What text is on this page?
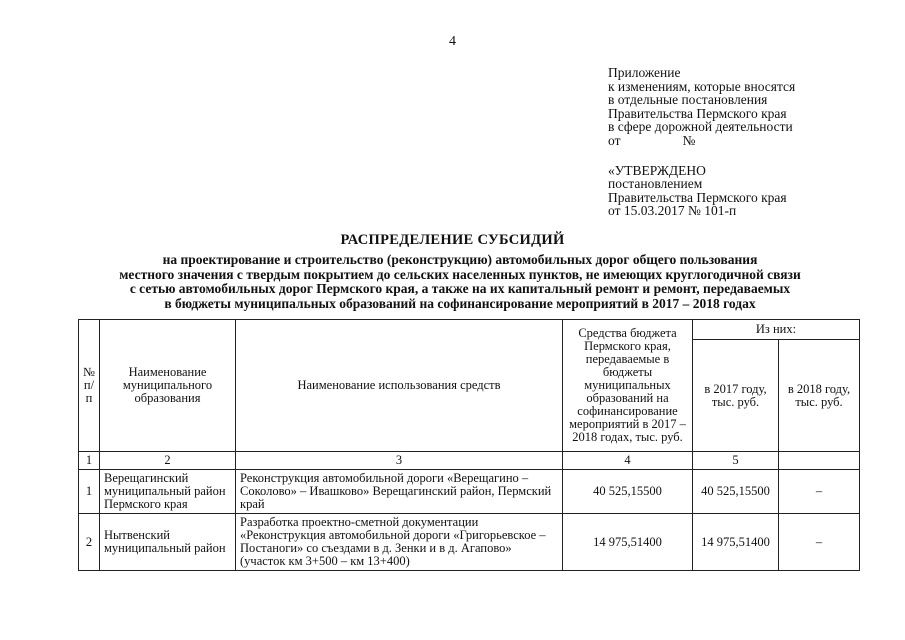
4
Приложение
к изменениям, которые вносятся
в отдельные постановления
Правительства Пермского края
в сфере дорожной деятельности
от	№
«УТВЕРЖДЕНО
постановлением
Правительства Пермского края
от 15.03.2017 № 101-п
РАСПРЕДЕЛЕНИЕ СУБСИДИЙ
на проектирование и строительство (реконструкцию) автомобильных дорог общего пользования
местного значения с твердым покрытием до сельских населенных пунктов, не имеющих круглогодичной связи
с сетью автомобильных дорог Пермского края, а также на их капитальный ремонт и ремонт, передаваемых
в бюджеты муниципальных образований на софинансирование мероприятий в 2017 – 2018 годах
№ п/п	Наименование муниципального образования	Наименование использования средств	Средства бюджета Пермского края, передаваемые в бюджеты муниципальных образований на софинансирование мероприятий в 2017 – 2018 годах, тыс. руб.	Из них:	
				в 2017 году, тыс. руб.	в 2018 году, тыс. руб.
1	2	3	4	5	
1	Верещагинский муниципальный район Пермского края	Реконструкция автомобильной дороги «Верещагино – Соколово» – Ивашково» Верещагинский район, Пермский край	40 525,15500	40 525,15500	–
2	Нытвенский муниципальный район	Разработка проектно-сметной документации «Реконструкция автомобильной дороги «Григорьевское – Постаноги» со съездами в д. Зенки и в д. Агапово» (участок км 3+500 – км 13+400)	14 975,51400	14 975,51400	–
